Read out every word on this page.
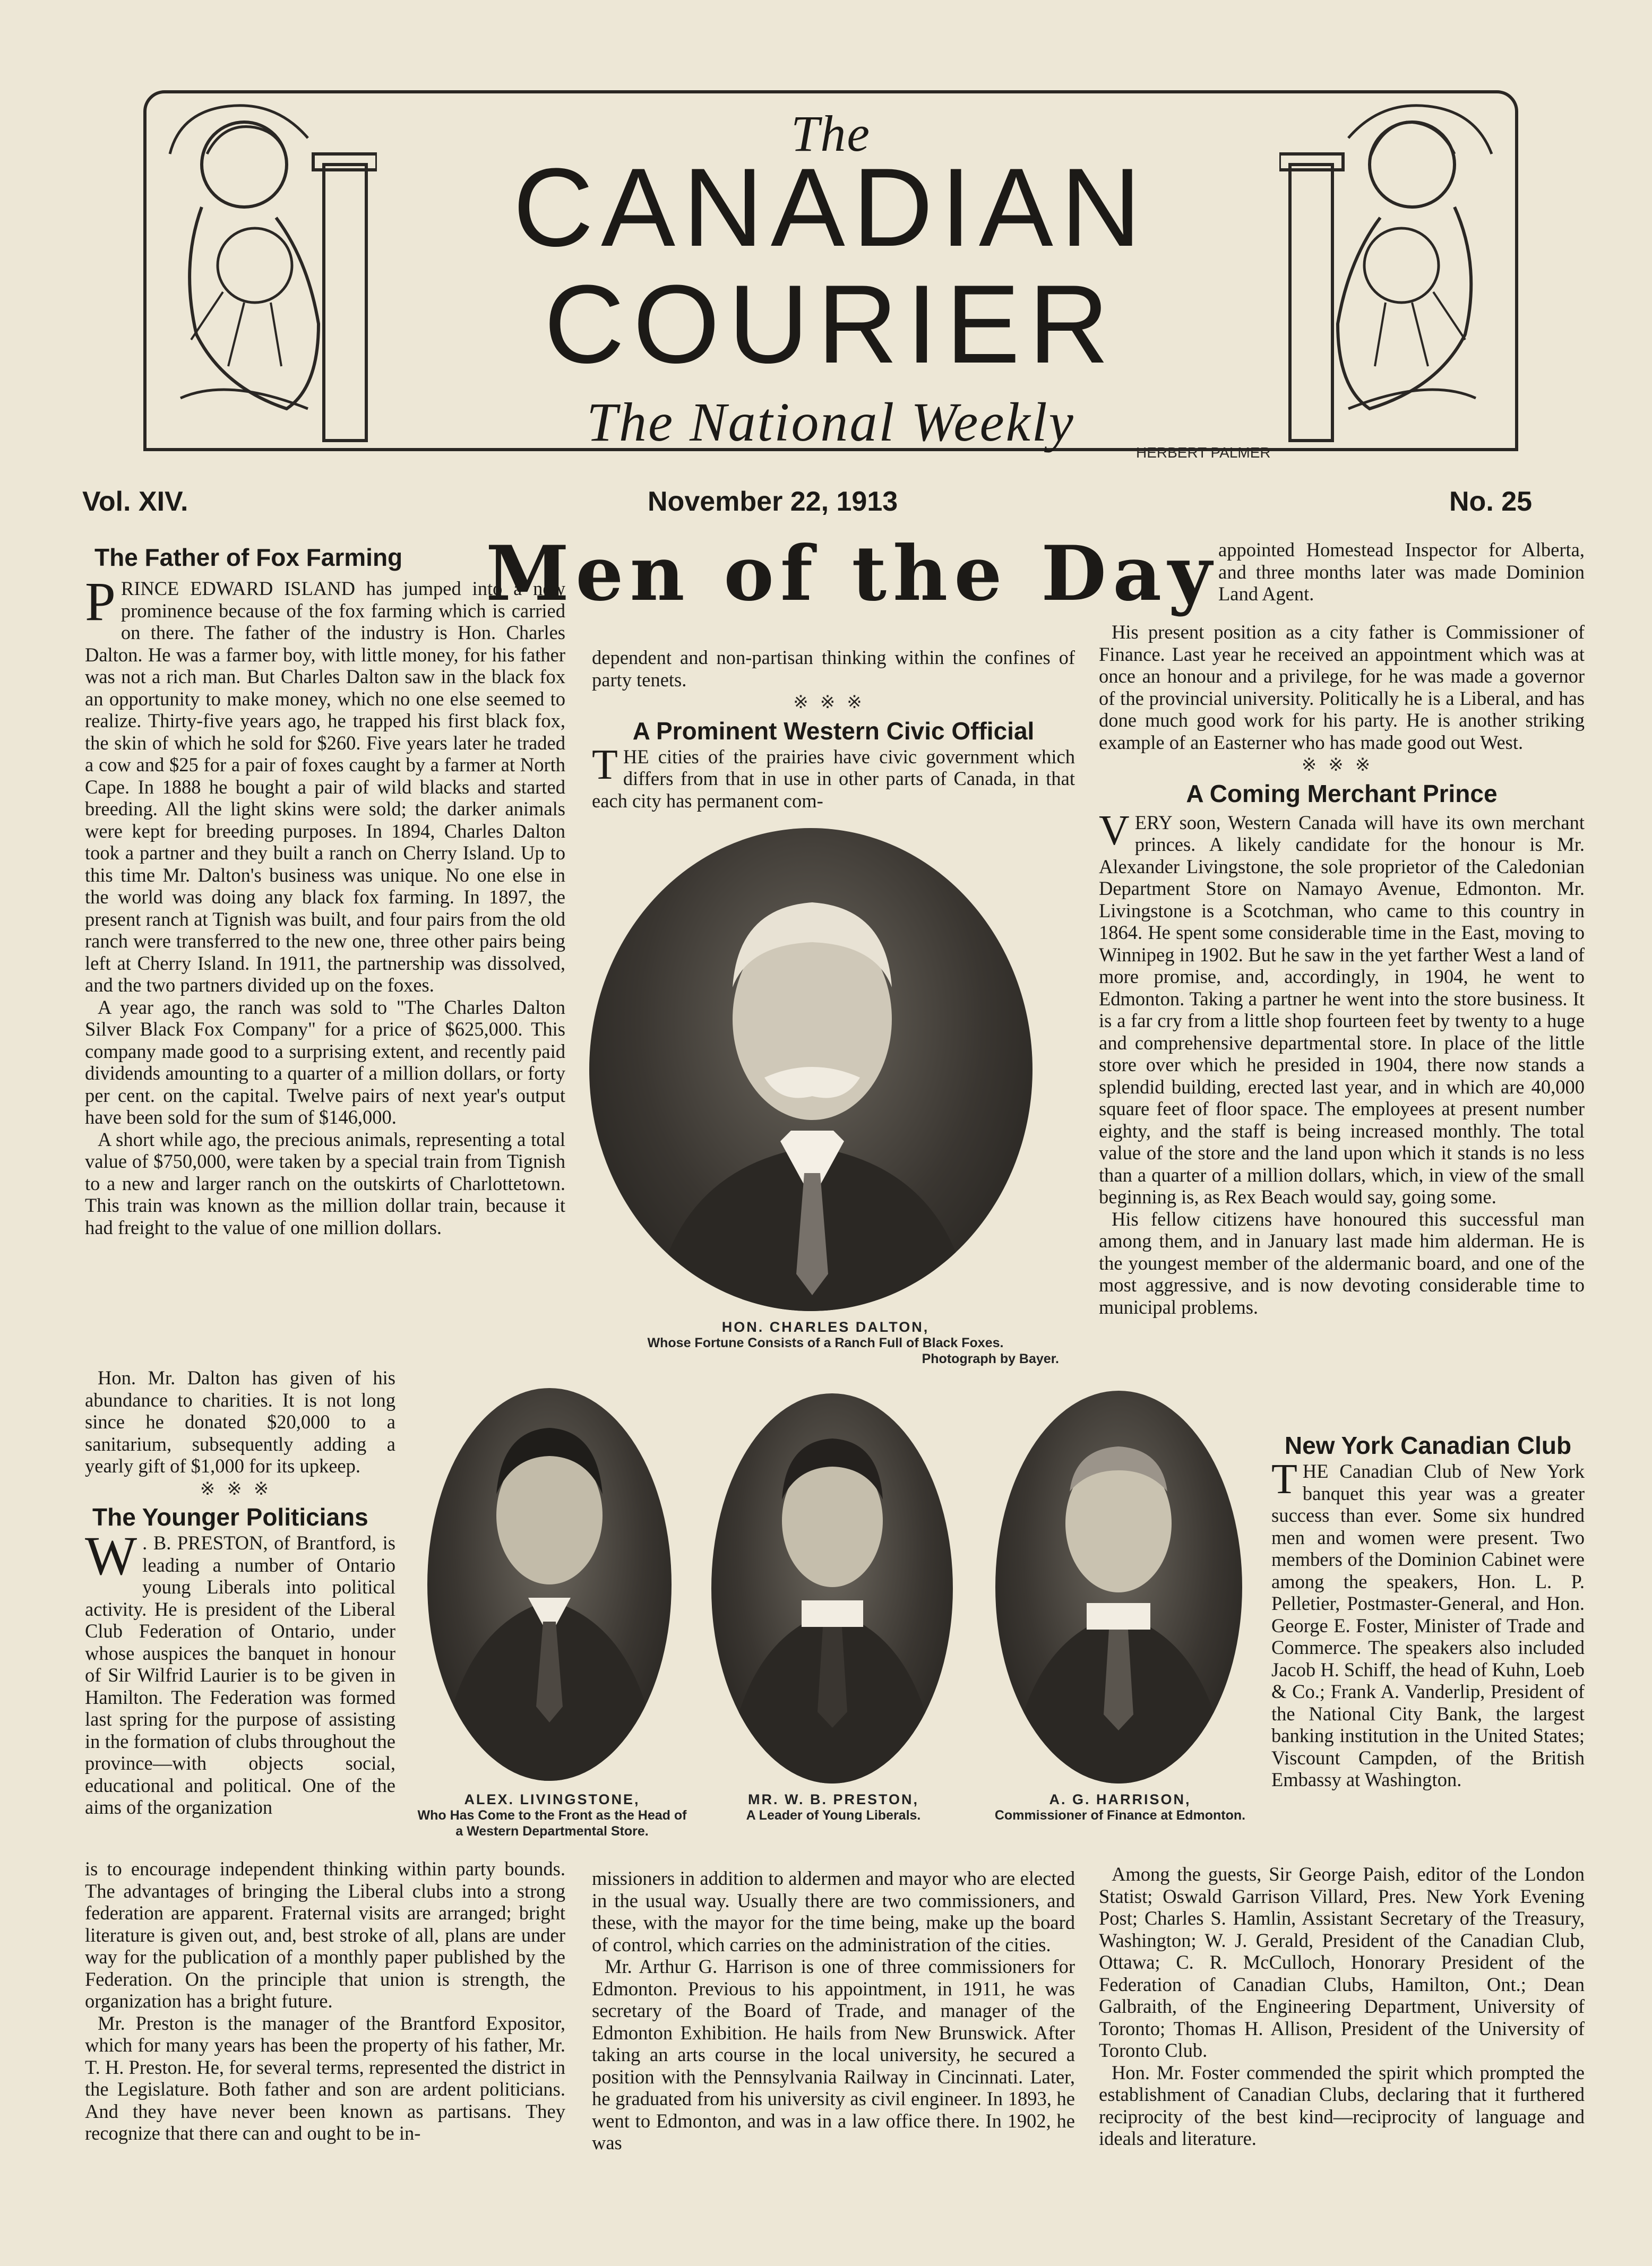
The
CANADIAN
COURIER
The National Weekly	HERBERT PALMER
Vol. XIV.	November 22, 1913	No. 25
Men of the Day
The Father of Fox Farming

PRINCE EDWARD ISLAND has jumped into a new prominence because of the fox farming which is carried on there. The father of the industry is Hon. Charles Dalton. He was a farmer boy, with little money, for his father was not a rich man. But Charles Dalton saw in the black fox an opportunity to make money, which no one else seemed to realize. Thirty-five years ago, he trapped his first black fox, the skin of which he sold for $260. Five years later he traded a cow and $25 for a pair of foxes caught by a farmer at North Cape. In 1888 he bought a pair of wild blacks and started breeding. All the light skins were sold; the darker animals were kept for breeding purposes. In 1894, Charles Dalton took a partner and they built a ranch on Cherry Island. Up to this time Mr. Dalton's business was unique. No one else in the world was doing any black fox farming. In 1897, the present ranch at Tignish was built, and four pairs from the old ranch were transferred to the new one, three other pairs being left at Cherry Island. In 1911, the partnership was dissolved, and the two partners divided up on the foxes.

A year ago, the ranch was sold to "The Charles Dalton Silver Black Fox Company" for a price of $625,000. This company made good to a surprising extent, and recently paid dividends amounting to a quarter of a million dollars, or forty per cent. on the capital. Twelve pairs of next year's output have been sold for the sum of $146,000.

A short while ago, the precious animals, representing a total value of $750,000, were taken by a special train from Tignish to a new and larger ranch on the outskirts of Charlottetown. This train was known as the million dollar train, because it had freight to the value of one million dollars.

Hon. Mr. Dalton has given of his abundance to charities. It is not long since he donated $20,000 to a sanitarium, subsequently adding a yearly gift of $1,000 for its upkeep.

※※※
The Younger Politicians

W . B. PRESTON, of Brantford, is leading a number of Ontario young Liberals into political activity. He is president of the Liberal Club Federation of Ontario, under whose auspices the banquet in honour of Sir Wilfrid Laurier is to be given in Hamilton. The Federation was formed last spring for the purpose of assisting in the formation of clubs throughout the province—with objects social, educational and political. One of the aims of the organization

is to encourage independent thinking within party bounds. The advantages of bringing the Liberal clubs into a strong federation are apparent. Fraternal visits are arranged; bright literature is given out, and, best stroke of all, plans are under way for the publication of a monthly paper published by the Federation. On the principle that union is strength, the organization has a bright future.

Mr. Preston is the manager of the Brantford Expositor, which for many years has been the property of his father, Mr. T. H. Preston. He, for several terms, represented the district in the Legislature. Both father and son are ardent politicians. And they have never been known as partisans. They recognize that there can and ought to be in-

dependent and non-partisan thinking within the confines of party tenets.

※※※
A Prominent Western Civic Official

THE cities of the prairies have civic government which differs from that in use in other parts of Canada, in that each city has permanent com-

missioners in addition to aldermen and mayor who are elected in the usual way. Usually there are two commissioners, and these, with the mayor for the time being, make up the board of control, which carries on the administration of the cities.

Mr. Arthur G. Harrison is one of three commissioners for Edmonton. Previous to his appointment, in 1911, he was secretary of the Board of Trade, and manager of the Edmonton Exhibition. He hails from New Brunswick. After taking an arts course in the local university, he secured a position with the Pennsylvania Railway in Cincinnati. Later, he graduated from his university as civil engineer. In 1893, he went to Edmonton, and was in a law office there. In 1902, he was

appointed Homestead Inspector for Alberta, and three months later was made Dominion Land Agent.

His present position as a city father is Commissioner of Finance. Last year he received an appointment which was at once an honour and a privilege, for he was made a governor of the provincial university. Politically he is a Liberal, and has done much good work for his party. He is another striking example of an Easterner who has made good out West.

※※※
A Coming Merchant Prince

VERY soon, Western Canada will have its own merchant princes. A likely candidate for the honour is Mr. Alexander Livingstone, the sole proprietor of the Caledonian Department Store on Namayo Avenue, Edmonton. Mr. Livingstone is a Scotchman, who came to this country in 1864. He spent some considerable time in the East, moving to Winnipeg in 1902. But he saw in the yet farther West a land of more promise, and, accordingly, in 1904, he went to Edmonton. Taking a partner he went into the store business. It is a far cry from a little shop fourteen feet by twenty to a huge and comprehensive departmental store. In place of the little store over which he presided in 1904, there now stands a splendid building, erected last year, and in which are 40,000 square feet of floor space. The employees at present number eighty, and the staff is being increased monthly. The total value of the store and the land upon which it stands is no less than a quarter of a million dollars, which, in view of the small beginning is, as Rex Beach would say, going some.

His fellow citizens have honoured this successful man among them, and in January last made him alderman. He is the youngest member of the aldermanic board, and one of the most aggressive, and is now devoting considerable time to municipal problems.

New York Canadian Club

THE Canadian Club of New York banquet this year was a greater success than ever. Some six hundred men and women were present. Two members of the Dominion Cabinet were among the speakers, Hon. L. P. Pelletier, Postmaster-General, and Hon. George E. Foster, Minister of Trade and Commerce. The speakers also included Jacob H. Schiff, the head of Kuhn, Loeb & Co.; Frank A. Vanderlip, President of the National City Bank, the largest banking institution in the United States; Viscount Campden, of the British Embassy at Washington.

Among the guests, Sir George Paish, editor of the London Statist; Oswald Garrison Villard, Pres. New York Evening Post; Charles S. Hamlin, Assistant Secretary of the Treasury, Washington; W. J. Gerald, President of the Canadian Club, Ottawa; C. R. McCulloch, Honorary President of the Federation of Canadian Clubs, Hamilton, Ont.; Dean Galbraith, of the Engineering Department, University of Toronto; Thomas H. Allison, President of the University of Toronto Club.

Hon. Mr. Foster commended the spirit which prompted the establishment of Canadian Clubs, declaring that it furthered reciprocity of the best kind—reciprocity of language and ideals and literature.

HON. CHARLES DALTON,
Whose Fortune Consists of a Ranch Full of Black Foxes.
Photograph by Bayer.
ALEX. LIVINGSTONE,
Who Has Come to the Front as the Head of a Western Departmental Store.
MR. W. B. PRESTON,
A Leader of Young Liberals.
A. G. HARRISON,
Commissioner of Finance at Edmonton.
